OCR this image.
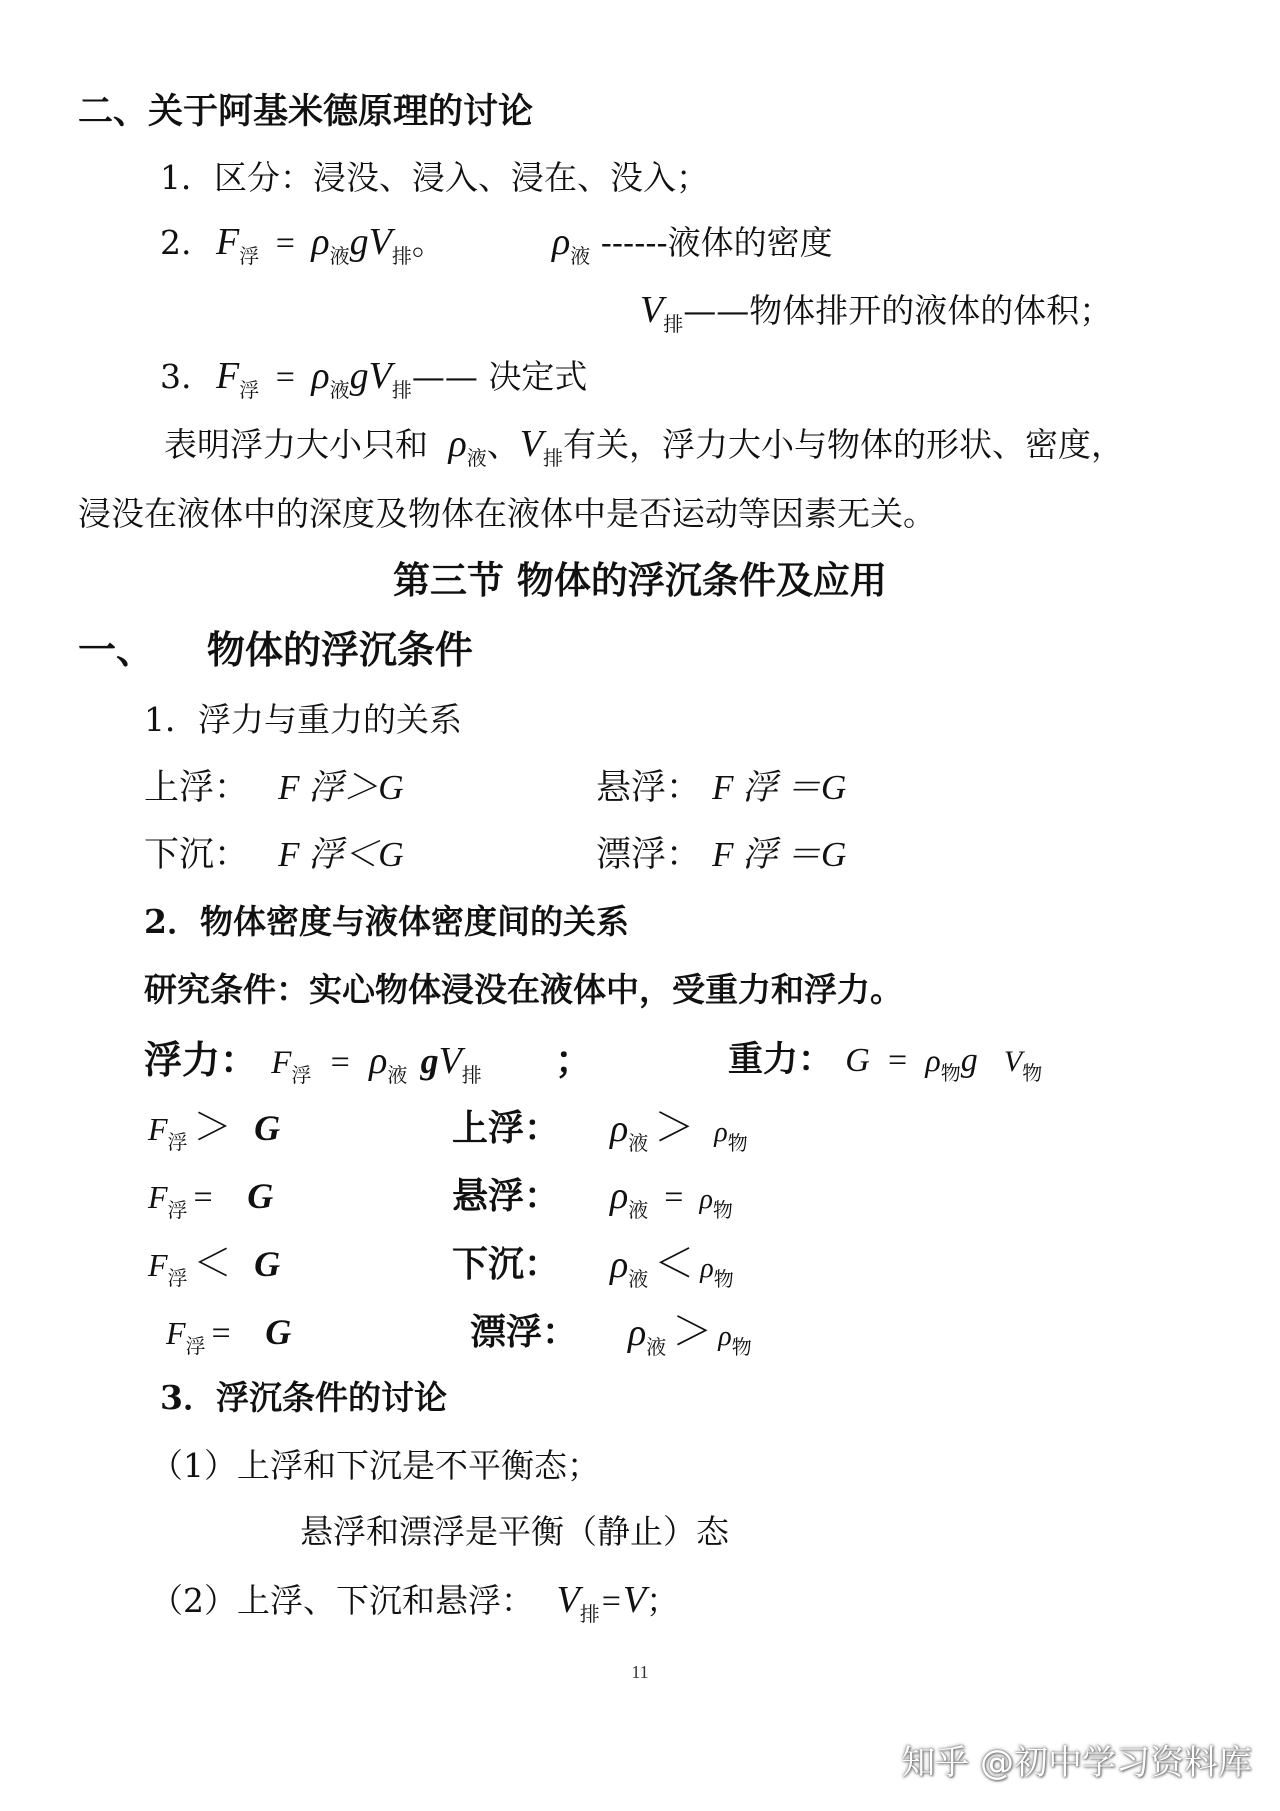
二、关于阿基米德原理的讨论
1．区分：浸没、浸入、浸在、没入；
2. $F_浮 = \rho_液gV_排$。	$\rho_液$ ------液体的密度
$V_排——$物体排开的液体的体积；
3. $F_浮$ = $\rho_液gV_排——$ 决定式
表明浮力大小只和 $\rho_液$、$V_排$有关，浮力大小与物体的形状、密度，
浸没在液体中的深度及物体在液体中是否运动等因素无关。
第三节 物体的浮沉条件及应用
一、    物体的浮沉条件
1．浮力与重力的关系
上浮： F 浮＞G	悬浮： F 浮 ＝G
下沉： F 浮＜G	漂浮： F 浮 ＝G
2．物体密度与液体密度间的关系
研究条件：实心物体浸没在液体中，受重力和浮力。
浮力： $F_浮 = \rho_液$ $gV_排$ ；	重力： $G = \rho_物g$ $V_物$
$F_浮 > G$	上浮： $\rho_液 > \rho_物$
$F_浮 = G$	悬浮： $\rho_液 = \rho_物$
$F_浮 < G$	下沉： $\rho_液 < \rho_物$
$F_浮 = G$	漂浮： $\rho_液 > \rho_物$
3．浮沉条件的讨论
（1）上浮和下沉是不平衡态；
悬浮和漂浮是平衡（静止）态
（2）上浮、下沉和悬浮： $V_排=V$；
11
知乎 @初中学习资料库
